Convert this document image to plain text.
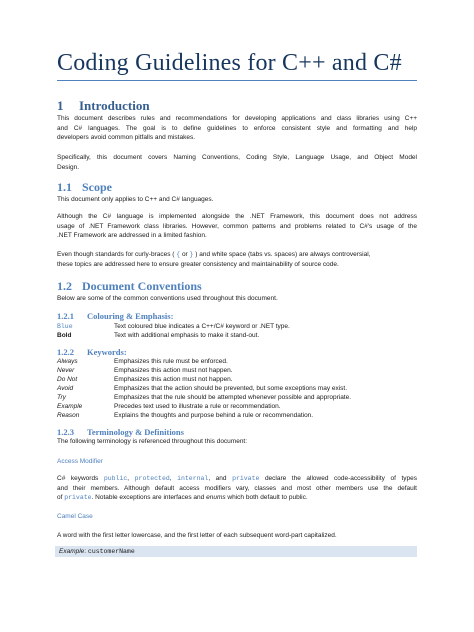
Coding Guidelines for C++ and C#
1 Introduction
This document describes rules and recommendations for developing applications and class libraries using C++
and C# languages. The goal is to define guidelines to enforce consistent style and formatting and help
developers avoid common pitfalls and mistakes.
Specifically, this document covers Naming Conventions, Coding Style, Language Usage, and Object Model
Design.
1.1 Scope
This document only applies to C++ and C# languages.
Although the C# language is implemented alongside the .NET Framework, this document does not address
usage of .NET Framework class libraries. However, common patterns and problems related to C#'s usage of the
.NET Framework are addressed in a limited fashion.
Even though standards for curly-braces ( { or } ) and white space (tabs vs. spaces) are always controversial,
these topics are addressed here to ensure greater consistency and maintainability of source code.
1.2 Document Conventions
Below are some of the common conventions used throughout this document.
1.2.1 Colouring & Emphasis:
Blue	Text coloured blue indicates a C++/C# keyword or .NET type.
Bold	Text with additional emphasis to make it stand-out.
1.2.2 Keywords:
Always	Emphasizes this rule must be enforced.
Never	Emphasizes this action must not happen.
Do Not	Emphasizes this action must not happen.
Avoid	Emphasizes that the action should be prevented, but some exceptions may exist.
Try	Emphasizes that the rule should be attempted whenever possible and appropriate.
Example	Precedes text used to illustrate a rule or recommendation.
Reason	Explains the thoughts and purpose behind a rule or recommendation.
1.2.3 Terminology & Definitions
The following terminology is referenced throughout this document:
Access Modifier
C# keywords public, protected, internal, and private declare the allowed code-accessibility of types
and their members. Although default access modifiers vary, classes and most other members use the default
of private. Notable exceptions are interfaces and enums which both default to public.
Camel Case
A word with the first letter lowercase, and the first letter of each subsequent word-part capitalized.
Example: customerName
